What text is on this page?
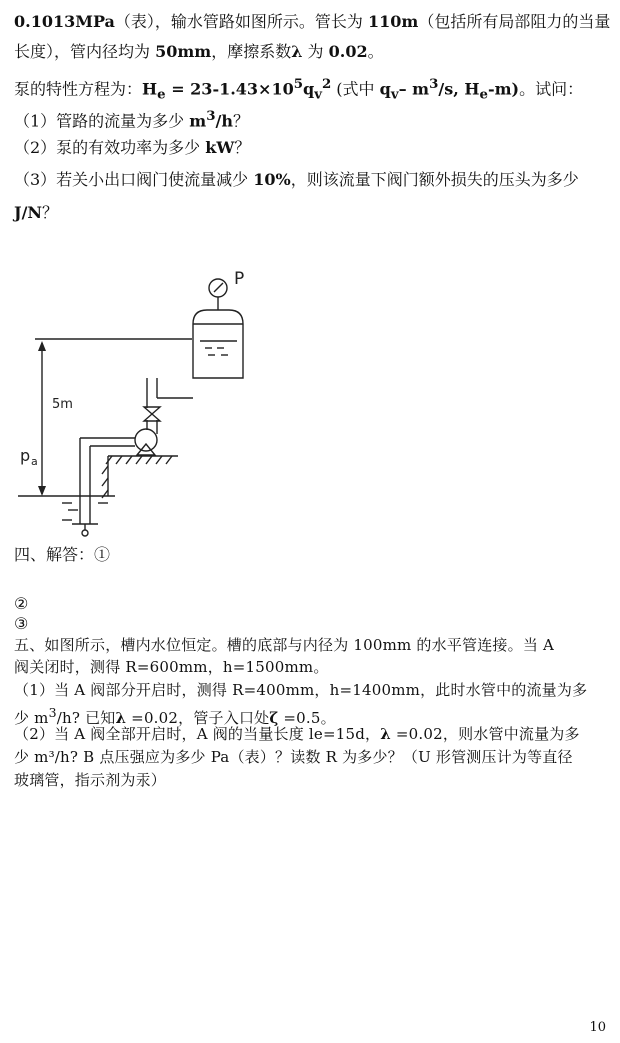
0.1013MPa（表），输水管路如图所示。管长为 110m（包括所有局部阻力的当量
长度），管内径均为 50mm，摩擦系数λ 为 0.02。
泵的特性方程为：$H_e = 23-1.43\times 10^5q_v^2$ (式中 $q_v-$ $m^3/s$, $H_e-m$)。试问：
（1）管路的流量为多少 $m^3/h$？
（2）泵的有效功率为多少 kW？
（3）若关小出口阀门使流量减少 10%，则该流量下阀门额外损失的压头为多少
J/N？
P
5m
p a
四、解答：①
②
③
五、如图所示，槽内水位恒定。槽的底部与内径为 100mm 的水平管连接。当 A
阀关闭时，测得 R=600mm，h=1500mm。
（1）当 A 阀部分开启时，测得 R=400mm，h=1400mm，此时水管中的流量为多
少 $m^3/h$? 已知λ =0.02，管子入口处ζ =0.5。
（2）当 A 阀全部开启时，A 阀的当量长度 le=15d，λ =0.02，则水管中流量为多
少 m³/h? B 点压强应为多少 Pa（表）？读数 R 为多少？（U 形管测压计为等直径
玻璃管，指示剂为汞）
10
